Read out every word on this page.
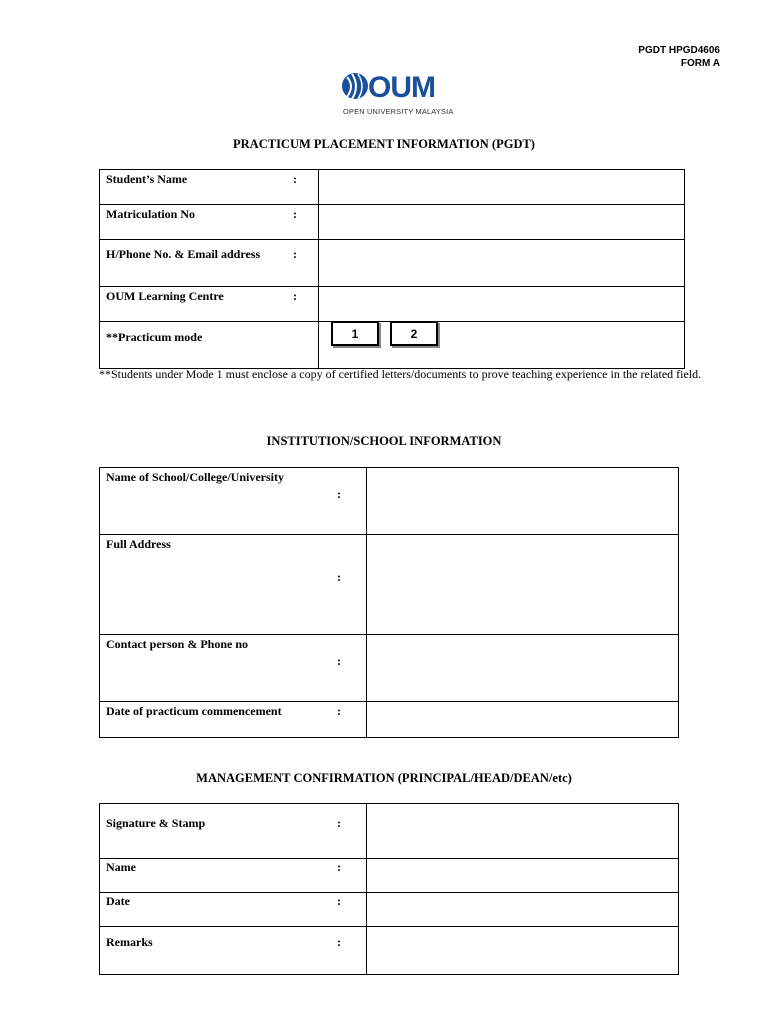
PGDT HPGD4606
FORM A
OUM
OPEN UNIVERSITY MALAYSIA
PRACTICUM PLACEMENT INFORMATION (PGDT)
Student’s Name :	

Matriculation No :	

H/Phone No. & Email address :	

OUM Learning Centre :	

**Practicum mode	
		1	2
**Students under Mode 1 must enclose a copy of certified letters/documents to prove teaching experience in the related field.
INSTITUTION/SCHOOL INFORMATION
Name of School/College/University
:	

Full Address
:	

Contact person & Phone no
:	

Date of practicum commencement :	

MANAGEMENT CONFIRMATION (PRINCIPAL/HEAD/DEAN/etc)
Signature & Stamp :	

Name :	

Date :	

Remarks :	
